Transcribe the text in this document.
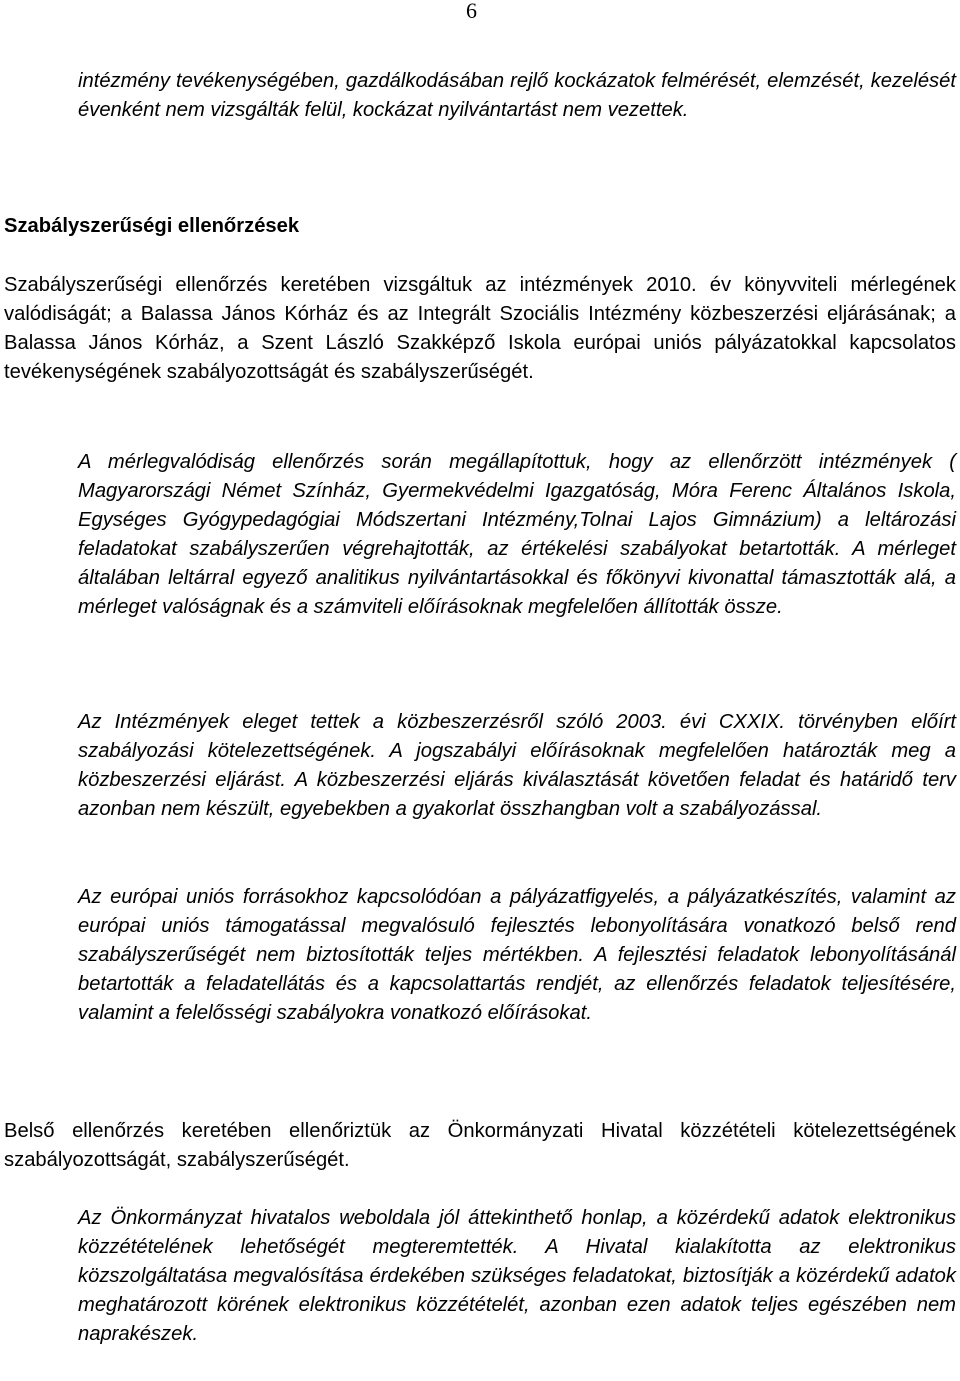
6

intézmény tevékenységében, gazdálkodásában rejlő kockázatok felmérését, elemzését, kezelését évenként nem vizsgálták felül, kockázat nyilvántartást nem vezettek.

Szabályszerűségi ellenőrzések

Szabályszerűségi ellenőrzés keretében vizsgáltuk az intézmények 2010. év könyvviteli mérlegének valódiságát; a Balassa János Kórház és az Integrált Szociális Intézmény közbeszerzési eljárásának; a Balassa János Kórház, a Szent László Szakképző Iskola európai uniós pályázatokkal kapcsolatos tevékenységének szabályozottságát és szabályszerűségét.

A mérlegvalódiság ellenőrzés során megállapítottuk, hogy az ellenőrzött intézmények ( Magyarországi Német Színház, Gyermekvédelmi Igazgatóság, Móra Ferenc Általános Iskola, Egységes Gyógypedagógiai Módszertani Intézmény,Tolnai Lajos Gimnázium) a leltározási feladatokat szabályszerűen végrehajtották, az értékelési szabályokat betartották. A mérleget általában leltárral egyező analitikus nyilvántartásokkal és főkönyvi kivonattal támasztották alá, a mérleget valóságnak és a számviteli előírásoknak megfelelően állították össze.

Az Intézmények eleget tettek a közbeszerzésről szóló 2003. évi CXXIX. törvényben előírt szabályozási kötelezettségének. A jogszabályi előírásoknak megfelelően határozták meg a közbeszerzési eljárást. A közbeszerzési eljárás kiválasztását követően feladat és határidő terv azonban nem készült, egyebekben a gyakorlat összhangban volt a szabályozással.

Az európai uniós forrásokhoz kapcsolódóan a pályázatfigyelés, a pályázatkészítés, valamint az európai uniós támogatással megvalósuló fejlesztés lebonyolítására vonatkozó belső rend szabályszerűségét nem biztosították teljes mértékben. A fejlesztési feladatok lebonyolításánál betartották a feladatellátás és a kapcsolattartás rendjét, az ellenőrzés feladatok teljesítésére, valamint a felelősségi szabályokra vonatkozó előírásokat.

Belső ellenőrzés keretében ellenőriztük az Önkormányzati Hivatal közzétételi kötelezettségének szabályozottságát, szabályszerűségét.

Az Önkormányzat hivatalos weboldala jól áttekinthető honlap, a közérdekű adatok elektronikus közzétételének lehetőségét megteremtették. A Hivatal kialakította az elektronikus közszolgáltatása megvalósítása érdekében szükséges feladatokat, biztosítják a közérdekű adatok meghatározott körének elektronikus közzétételét, azonban ezen adatok teljes egészében nem naprakészek.
